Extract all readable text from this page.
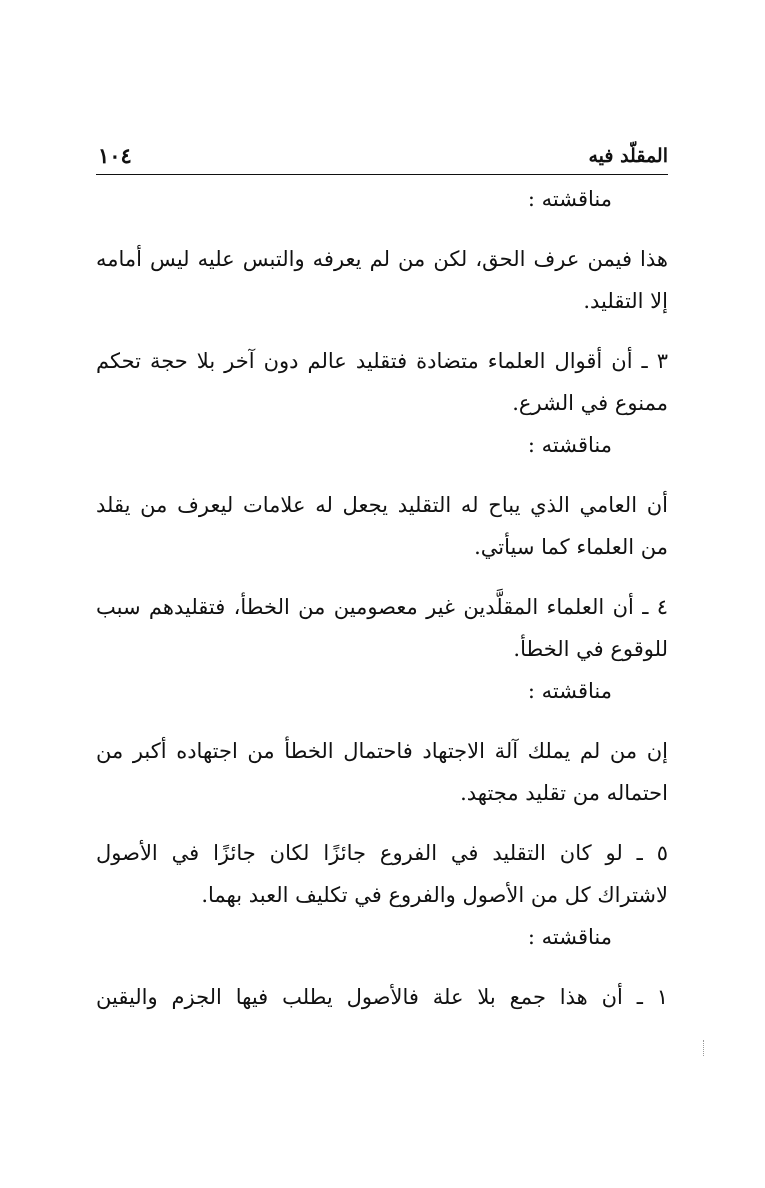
المقلّد فيه
١٠٤
مناقشته :
هذا فيمن عرف الحق، لكن من لم يعرفه والتبس عليه ليس أمامه
إلا التقليد.
٣ ـ أن أقوال العلماء متضادة فتقليد عالم دون آخر بلا حجة تحكم
ممنوع في الشرع.
مناقشته :
أن العامي الذي يباح له التقليد يجعل له علامات ليعرف من يقلد
من العلماء كما سيأتي.
٤ ـ أن العلماء المقلَّدين غير معصومين من الخطأ، فتقليدهم سبب
للوقوع في الخطأ.
مناقشته :
إن من لم يملك آلة الاجتهاد فاحتمال الخطأ من اجتهاده أكبر من
احتماله من تقليد مجتهد.
٥ ـ لو كان التقليد في الفروع جائزًا لكان جائزًا في الأصول
لاشتراك كل من الأصول والفروع في تكليف العبد بهما.
مناقشته :
١ ـ أن هذا جمع بلا علة فالأصول يطلب فيها الجزم واليقين
